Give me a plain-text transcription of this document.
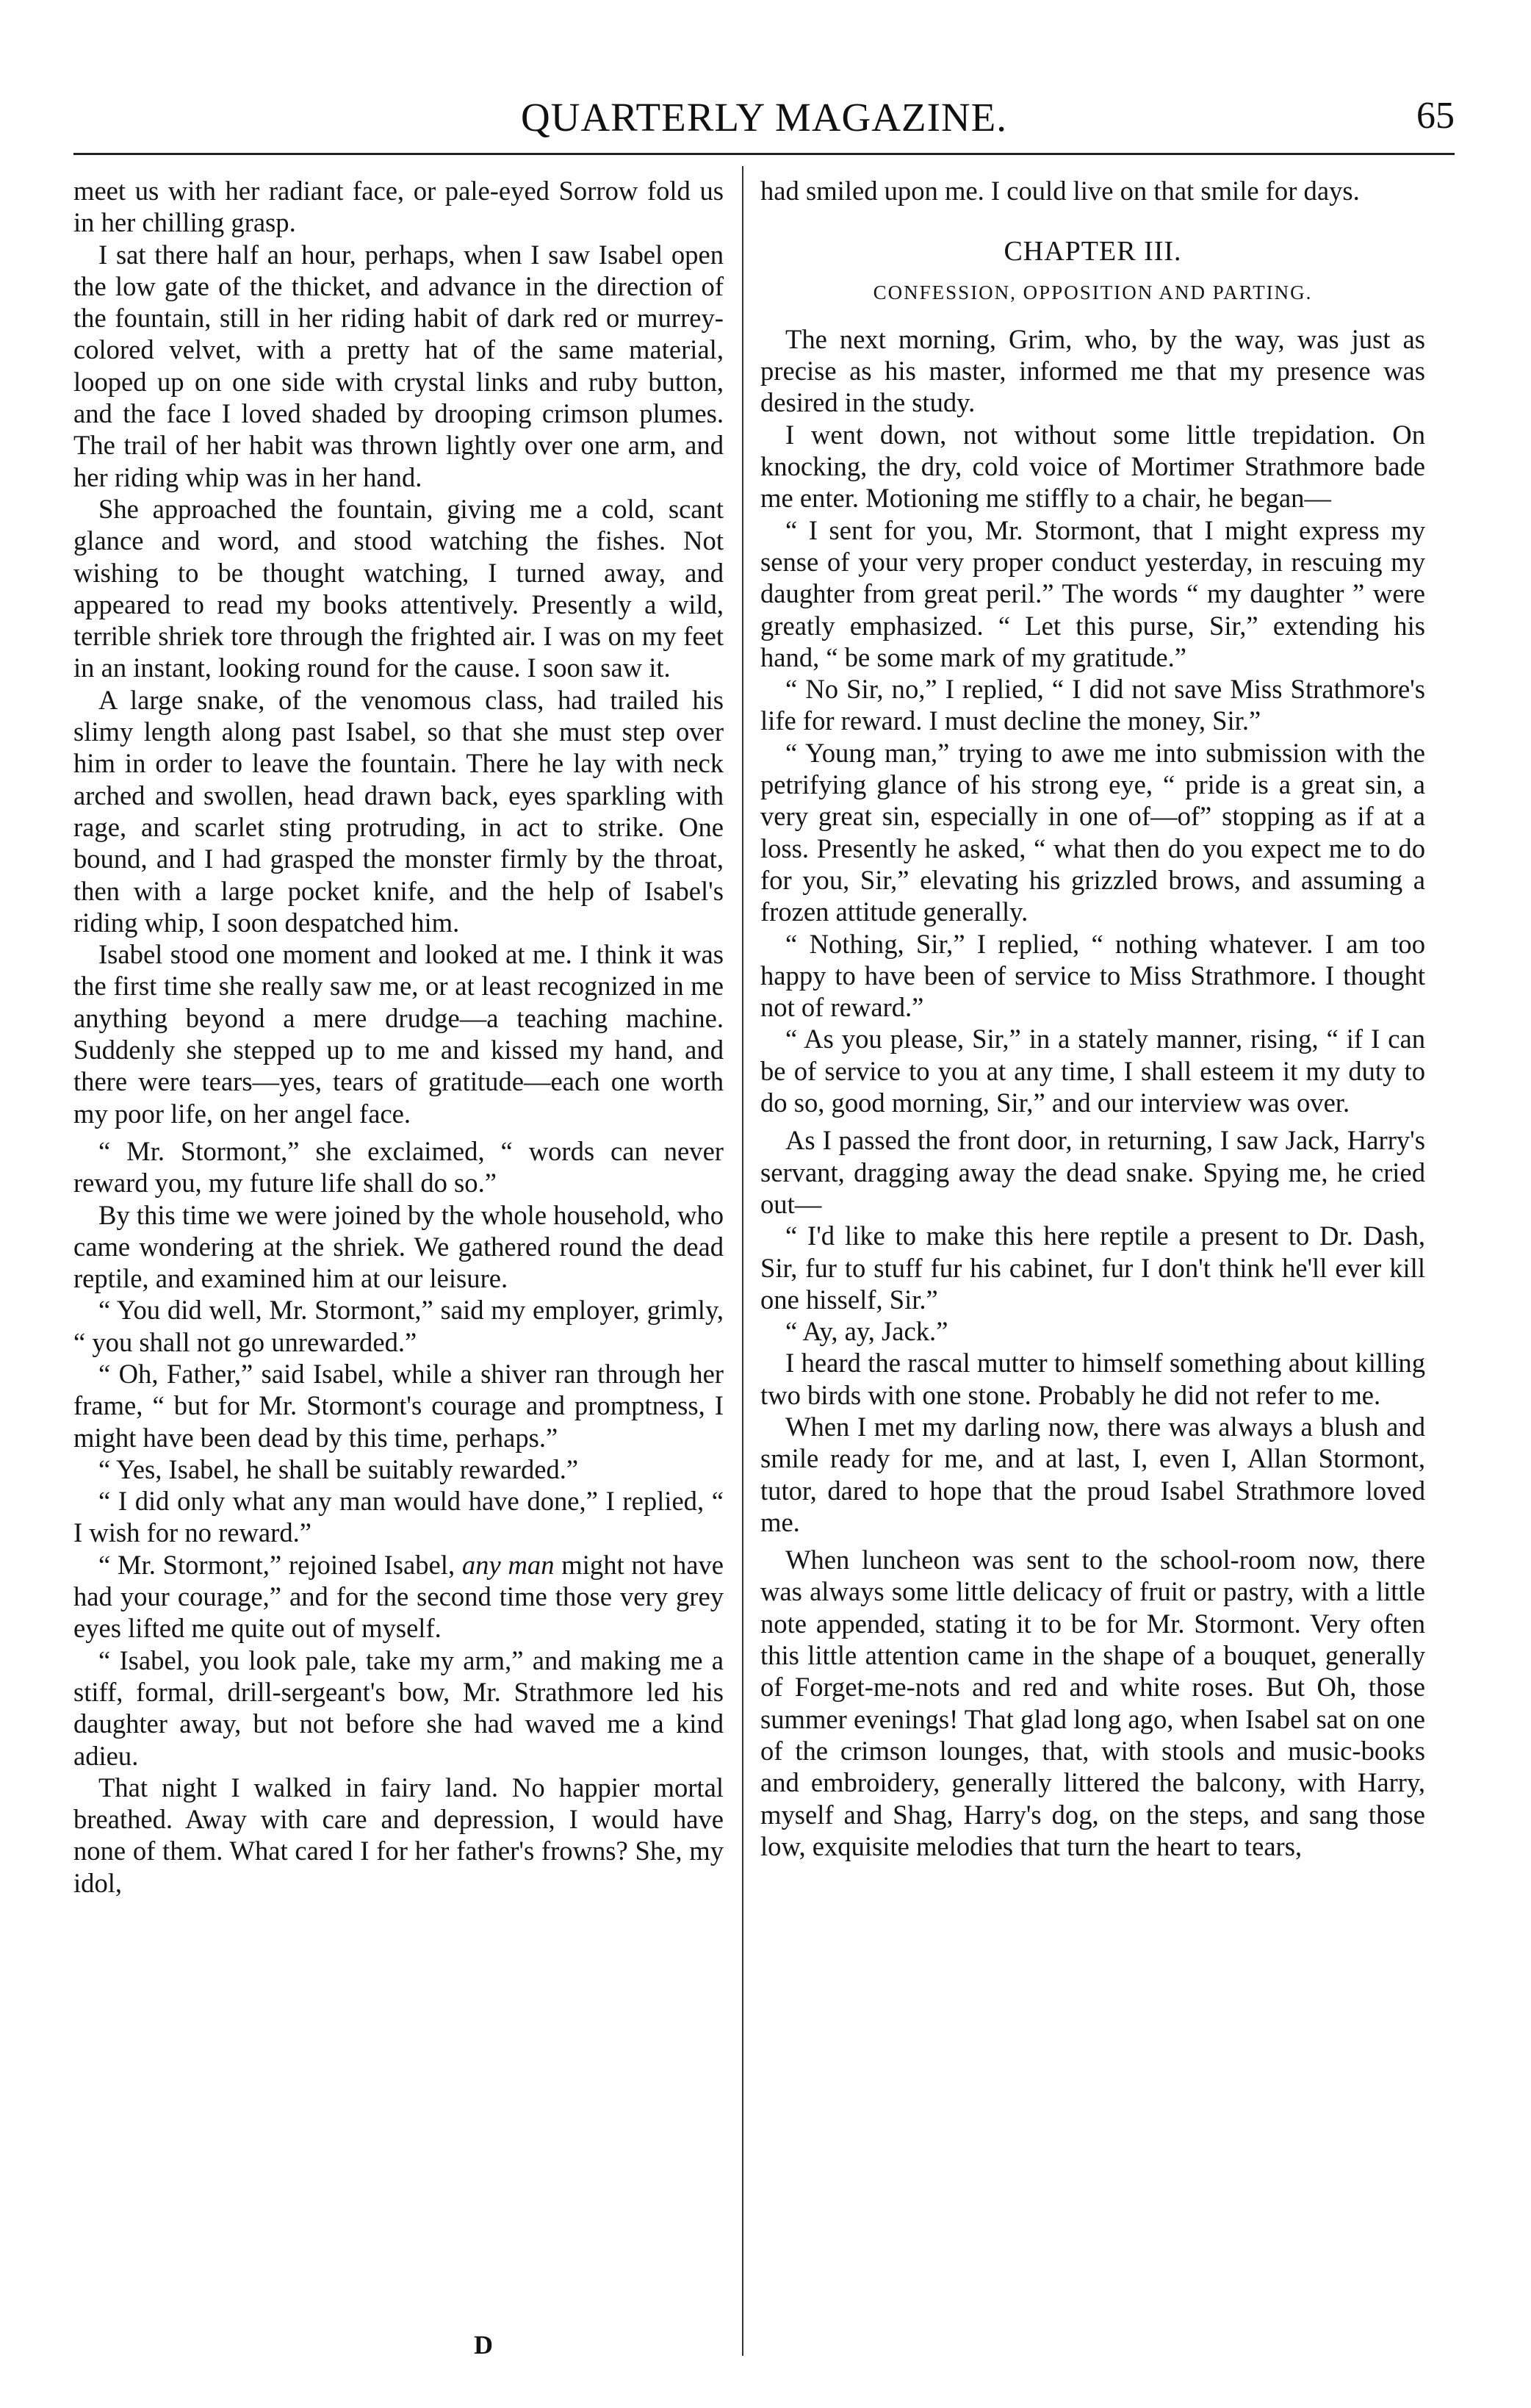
QUARTERLY MAGAZINE.	65

meet us with her radiant face, or pale-eyed Sorrow fold us in her chilling grasp.

I sat there half an hour, perhaps, when I saw Isabel open the low gate of the thicket, and advance in the direction of the fountain, still in her riding habit of dark red or murrey-colored velvet, with a pretty hat of the same material, looped up on one side with crystal links and ruby button, and the face I loved shaded by drooping crimson plumes. The trail of her habit was thrown lightly over one arm, and her riding whip was in her hand.

She approached the fountain, giving me a cold, scant glance and word, and stood watching the fishes. Not wishing to be thought watching, I turned away, and appeared to read my books attentively. Presently a wild, terrible shriek tore through the frighted air. I was on my feet in an instant, looking round for the cause. I soon saw it.

A large snake, of the venomous class, had trailed his slimy length along past Isabel, so that she must step over him in order to leave the fountain. There he lay with neck arched and swollen, head drawn back, eyes sparkling with rage, and scarlet sting protruding, in act to strike. One bound, and I had grasped the monster firmly by the throat, then with a large pocket knife, and the help of Isabel's riding whip, I soon despatched him.

Isabel stood one moment and looked at me. I think it was the first time she really saw me, or at least recognized in me anything beyond a mere drudge—a teaching machine. Suddenly she stepped up to me and kissed my hand, and there were tears—yes, tears of gratitude—each one worth my poor life, on her angel face.

“ Mr. Stormont,” she exclaimed, “ words can never reward you, my future life shall do so.”

By this time we were joined by the whole household, who came wondering at the shriek. We gathered round the dead reptile, and examined him at our leisure.

“ You did well, Mr. Stormont,” said my employer, grimly, “ you shall not go unrewarded.”

“ Oh, Father,” said Isabel, while a shiver ran through her frame, “ but for Mr. Stormont's courage and promptness, I might have been dead by this time, perhaps.”

“ Yes, Isabel, he shall be suitably rewarded.”

“ I did only what any man would have done,” I replied, “ I wish for no reward.”

“ Mr. Stormont,” rejoined Isabel, any man might not have had your courage,” and for the second time those very grey eyes lifted me quite out of myself.

“ Isabel, you look pale, take my arm,” and making me a stiff, formal, drill-sergeant's bow, Mr. Strathmore led his daughter away, but not before she had waved me a kind adieu.

That night I walked in fairy land. No happier mortal breathed. Away with care and depression, I would have none of them. What cared I for her father's frowns? She, my idol,

had smiled upon me. I could live on that smile for days.

CHAPTER III.
CONFESSION, OPPOSITION AND PARTING.

The next morning, Grim, who, by the way, was just as precise as his master, informed me that my presence was desired in the study.

I went down, not without some little trepidation. On knocking, the dry, cold voice of Mortimer Strathmore bade me enter. Motioning me stiffly to a chair, he began—

“ I sent for you, Mr. Stormont, that I might express my sense of your very proper conduct yesterday, in rescuing my daughter from great peril.” The words “ my daughter ” were greatly emphasized. “ Let this purse, Sir,” extending his hand, “ be some mark of my gratitude.”

“ No Sir, no,” I replied, “ I did not save Miss Strathmore's life for reward. I must decline the money, Sir.”

“ Young man,” trying to awe me into submission with the petrifying glance of his strong eye, “ pride is a great sin, a very great sin, especially in one of—of” stopping as if at a loss. Presently he asked, “ what then do you expect me to do for you, Sir,” elevating his grizzled brows, and assuming a frozen attitude generally.

“ Nothing, Sir,” I replied, “ nothing whatever. I am too happy to have been of service to Miss Strathmore. I thought not of reward.”

“ As you please, Sir,” in a stately manner, rising, “ if I can be of service to you at any time, I shall esteem it my duty to do so, good morning, Sir,” and our interview was over.

As I passed the front door, in returning, I saw Jack, Harry's servant, dragging away the dead snake. Spying me, he cried out—

“ I'd like to make this here reptile a present to Dr. Dash, Sir, fur to stuff fur his cabinet, fur I don't think he'll ever kill one hisself, Sir.”

“ Ay, ay, Jack.”

I heard the rascal mutter to himself something about killing two birds with one stone. Probably he did not refer to me.

When I met my darling now, there was always a blush and smile ready for me, and at last, I, even I, Allan Stormont, tutor, dared to hope that the proud Isabel Strathmore loved me.

When luncheon was sent to the school-room now, there was always some little delicacy of fruit or pastry, with a little note appended, stating it to be for Mr. Stormont. Very often this little attention came in the shape of a bouquet, generally of Forget-me-nots and red and white roses. But Oh, those summer evenings! That glad long ago, when Isabel sat on one of the crimson lounges, that, with stools and music-books and embroidery, generally littered the balcony, with Harry, myself and Shag, Harry's dog, on the steps, and sang those low, exquisite melodies that turn the heart to tears,

D
